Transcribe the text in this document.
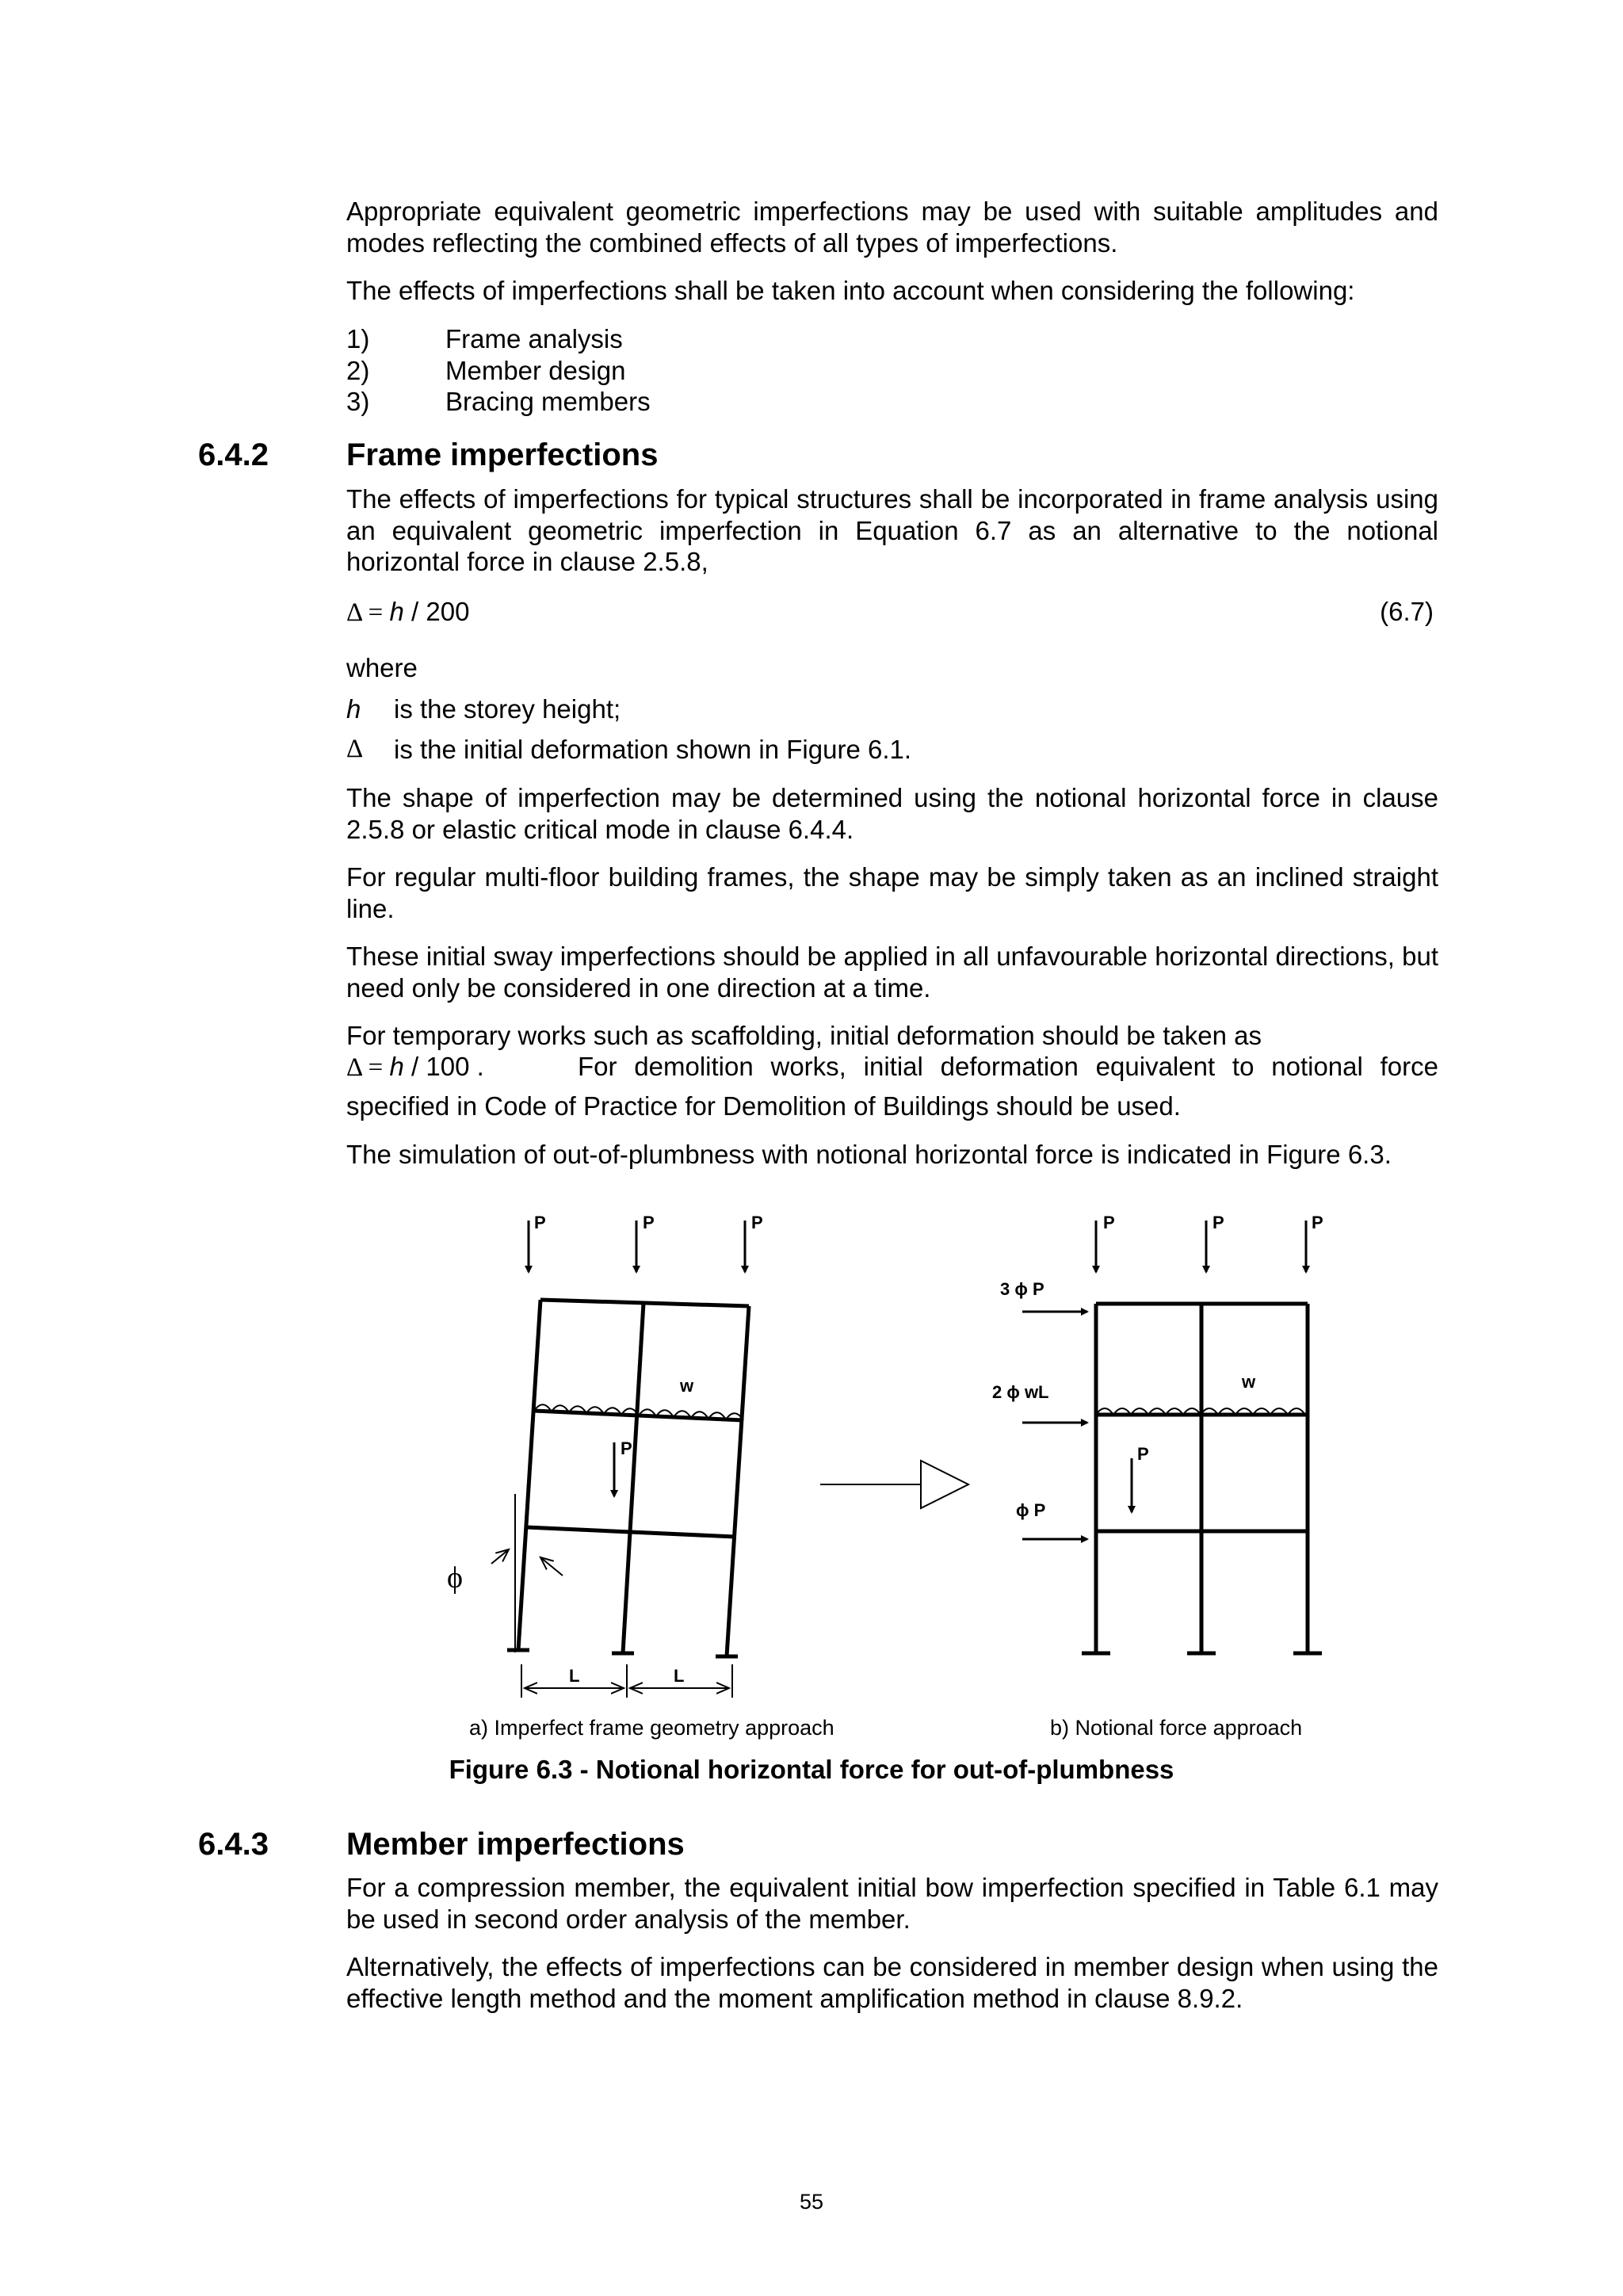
Appropriate equivalent geometric imperfections may be used with suitable amplitudes and modes reflecting the combined effects of all types of imperfections.

The effects of imperfections shall be taken into account when considering the following:

1)	Frame analysis
2)	Member design
3)	Bracing members
6.4.2 Frame imperfections

The effects of imperfections for typical structures shall be incorporated in frame analysis using an equivalent geometric imperfection in Equation 6.7 as an alternative to the notional horizontal force in clause 2.5.8,

Δ = h / 200	(6.7)

where

h	is the storey height;
Δ	is the initial deformation shown in Figure 6.1.

The shape of imperfection may be determined using the notional horizontal force in clause 2.5.8 or elastic critical mode in clause 6.4.4.

For regular multi-floor building frames, the shape may be simply taken as an inclined straight line.

These initial sway imperfections should be applied in all unfavourable horizontal directions, but need only be considered in one direction at a time.

For temporary works such as scaffolding, initial deformation should be taken as

Δ = h / 100 .	For demolition works, initial deformation equivalent to notional force

specified in Code of Practice for Demolition of Buildings should be used.

The simulation of out-of-plumbness with notional horizontal force is indicated in Figure 6.3.

P	P	P
P
w
ϕ
L	L
P	P	P
P
w
3 ϕ P
2 ϕ wL
ϕ P
a) Imperfect frame geometry approach	b) Notional force approach
Figure 6.3 - Notional horizontal force for out-of-plumbness
6.4.3 Member imperfections

For a compression member, the equivalent initial bow imperfection specified in Table 6.1 may be used in second order analysis of the member.

Alternatively, the effects of imperfections can be considered in member design when using the effective length method and the moment amplification method in clause 8.9.2.

55
